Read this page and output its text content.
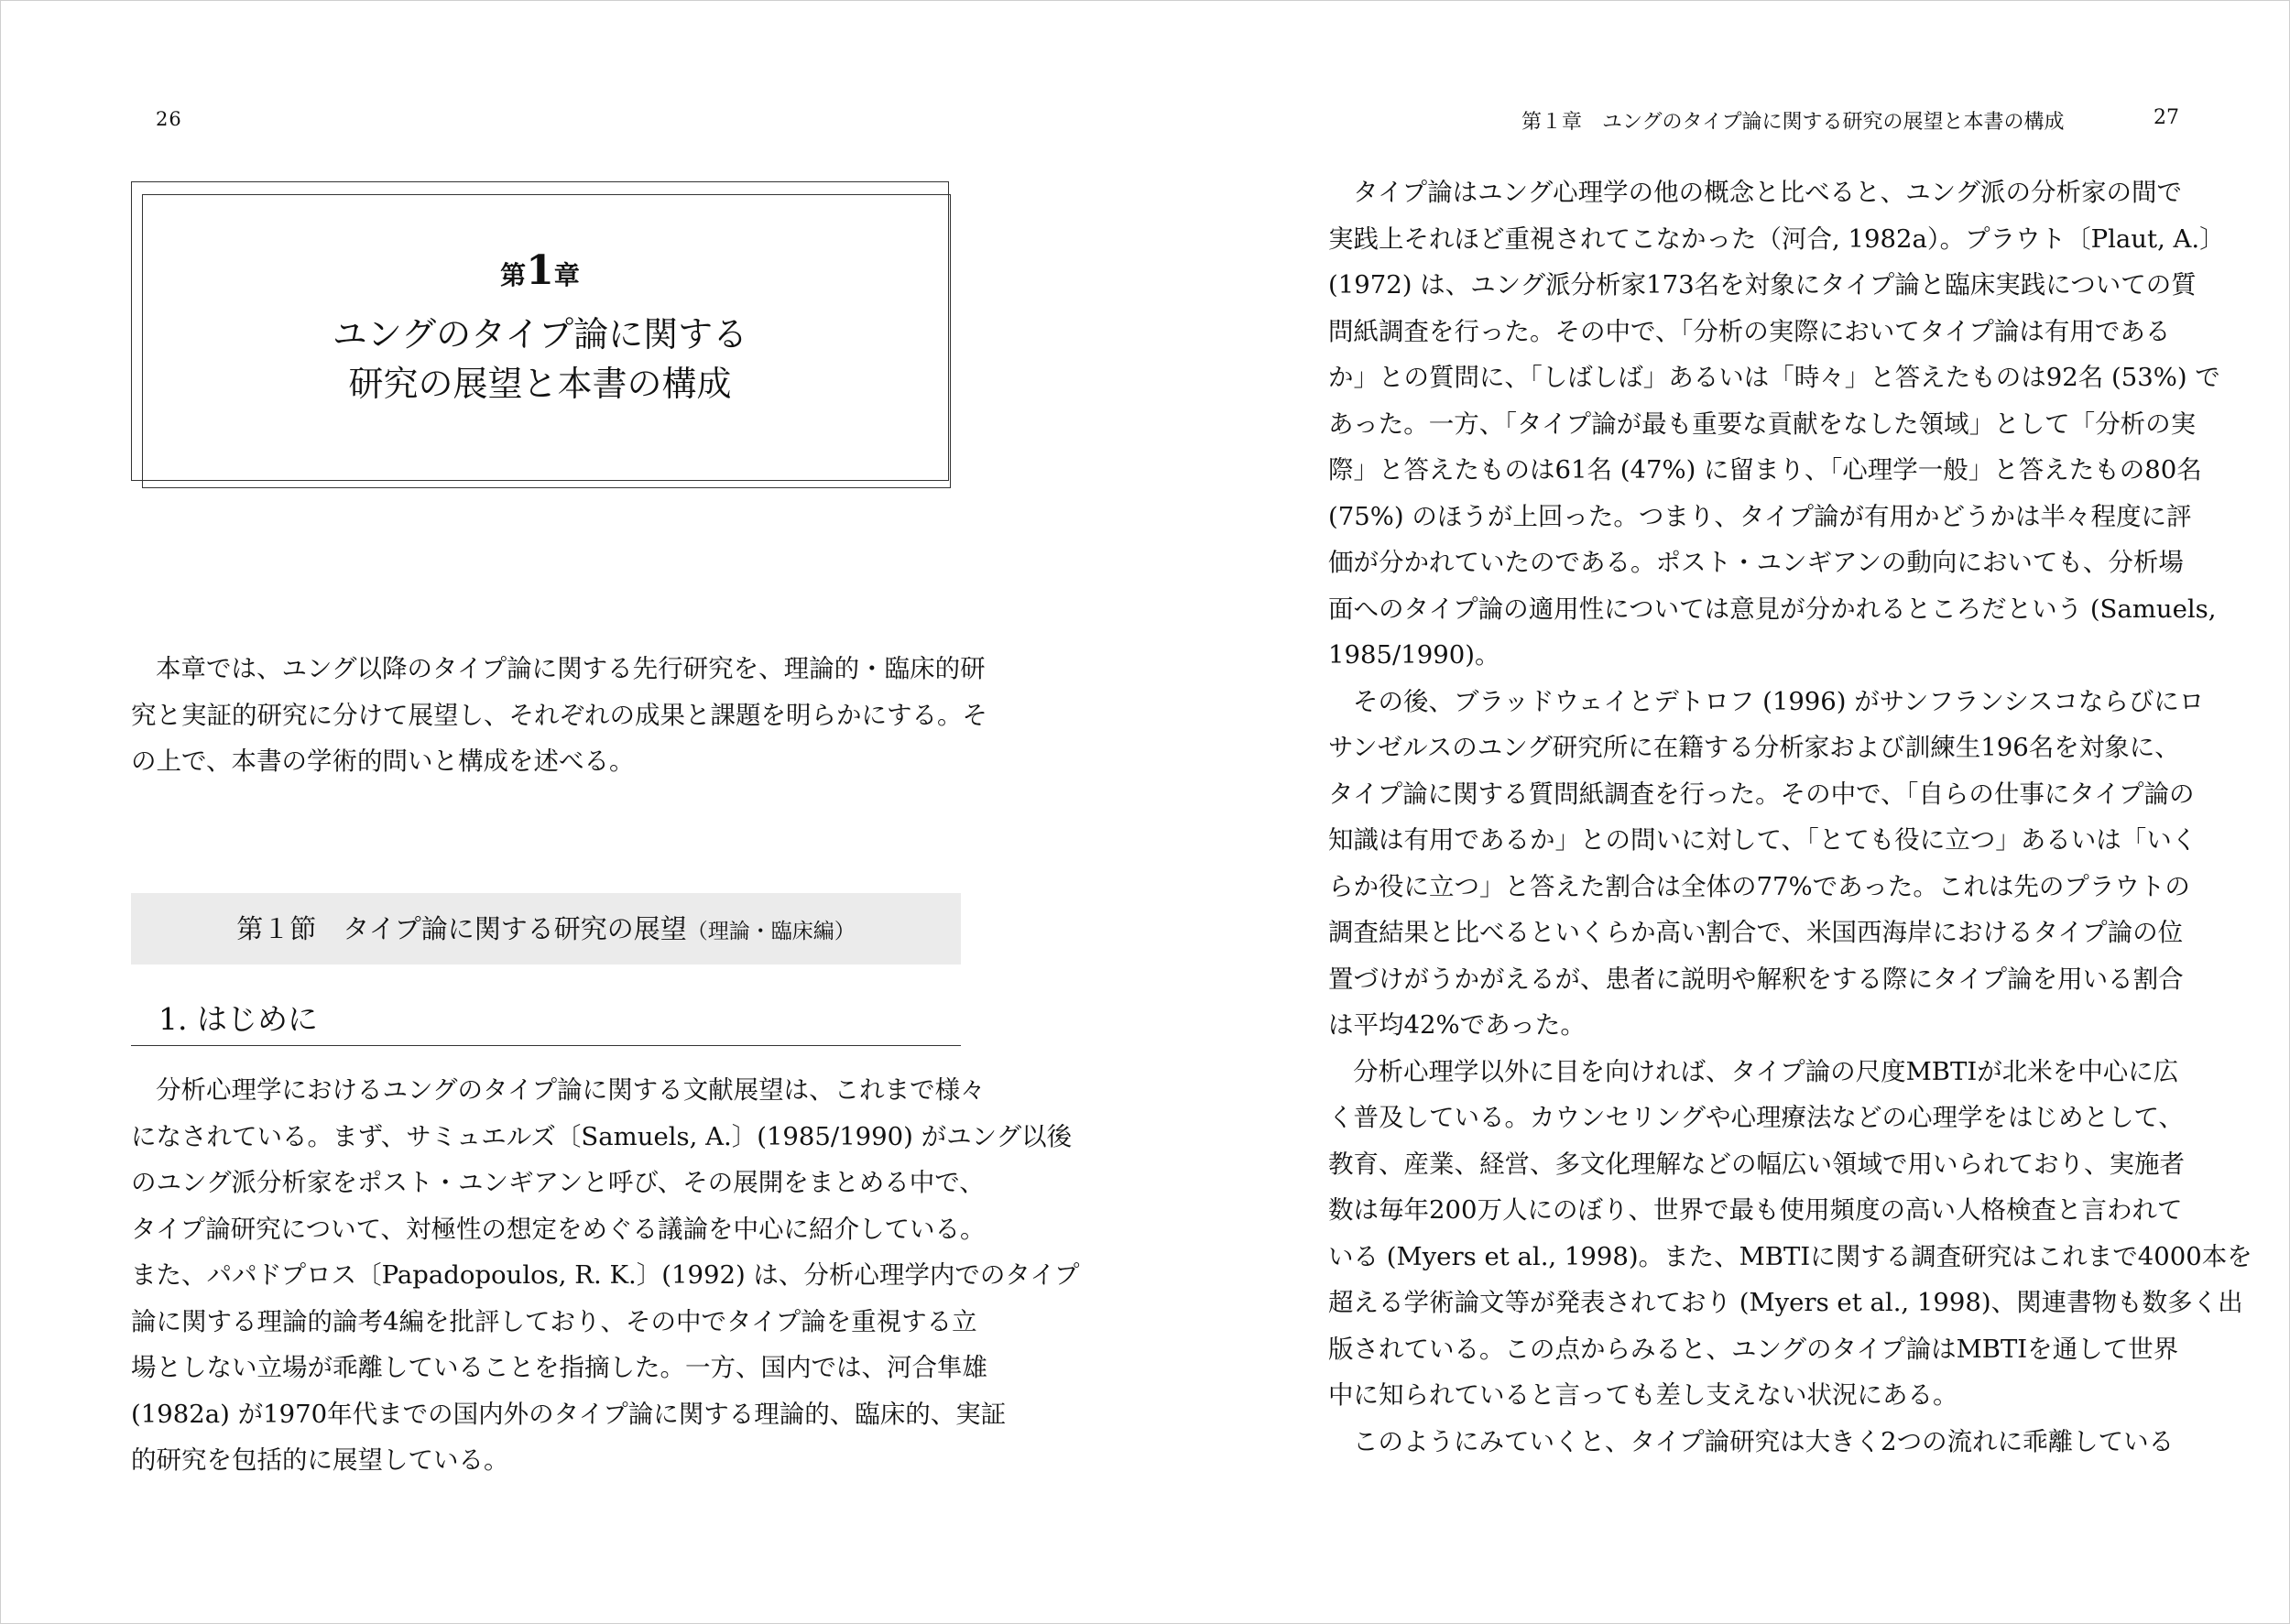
26
第1章
ユングのタイプ論に関する
研究の展望と本書の構成

本章では、ユング以降のタイプ論に関する先行研究を、理論的・臨床的研

究と実証的研究に分けて展望し、それぞれの成果と課題を明らかにする。そ

の上で、本書の学術的問いと構成を述べる。

第１節　タイプ論に関する研究の展望（理論・臨床編）
1. はじめに

分析心理学におけるユングのタイプ論に関する文献展望は、これまで様々

になされている。まず、サミュエルズ〔Samuels, A.〕(1985/1990) がユング以後

のユング派分析家をポスト・ユンギアンと呼び、その展開をまとめる中で、

タイプ論研究について、対極性の想定をめぐる議論を中心に紹介している。

また、パパドプロス〔Papadopoulos, R. K.〕(1992) は、分析心理学内でのタイプ

論に関する理論的論考4編を批評しており、その中でタイプ論を重視する立

場としない立場が乖離していることを指摘した。一方、国内では、河合隼雄

(1982a) が1970年代までの国内外のタイプ論に関する理論的、臨床的、実証

的研究を包括的に展望している。

第１章　ユングのタイプ論に関する研究の展望と本書の構成	27

タイプ論はユング心理学の他の概念と比べると、ユング派の分析家の間で

実践上それほど重視されてこなかった（河合, 1982a）。プラウト〔Plaut, A.〕

(1972) は、ユング派分析家173名を対象にタイプ論と臨床実践についての質

問紙調査を行った。その中で、「分析の実際においてタイプ論は有用である

か」との質問に、「しばしば」あるいは「時々」と答えたものは92名 (53%) で

あった。一方、「タイプ論が最も重要な貢献をなした領域」として「分析の実

際」と答えたものは61名 (47%) に留まり、「心理学一般」と答えたもの80名

(75%) のほうが上回った。つまり、タイプ論が有用かどうかは半々程度に評

価が分かれていたのである。ポスト・ユンギアンの動向においても、分析場

面へのタイプ論の適用性については意見が分かれるところだという (Samuels,

1985/1990)。

その後、ブラッドウェイとデトロフ (1996) がサンフランシスコならびにロ

サンゼルスのユング研究所に在籍する分析家および訓練生196名を対象に、

タイプ論に関する質問紙調査を行った。その中で、「自らの仕事にタイプ論の

知識は有用であるか」との問いに対して、「とても役に立つ」あるいは「いく

らか役に立つ」と答えた割合は全体の77%であった。これは先のプラウトの

調査結果と比べるといくらか高い割合で、米国西海岸におけるタイプ論の位

置づけがうかがえるが、患者に説明や解釈をする際にタイプ論を用いる割合

は平均42%であった。

分析心理学以外に目を向ければ、タイプ論の尺度MBTIが北米を中心に広

く普及している。カウンセリングや心理療法などの心理学をはじめとして、

教育、産業、経営、多文化理解などの幅広い領域で用いられており、実施者

数は毎年200万人にのぼり、世界で最も使用頻度の高い人格検査と言われて

いる (Myers et al., 1998)。また、MBTIに関する調査研究はこれまで4000本を

超える学術論文等が発表されており (Myers et al., 1998)、関連書物も数多く出

版されている。この点からみると、ユングのタイプ論はMBTIを通して世界

中に知られていると言っても差し支えない状況にある。

このようにみていくと、タイプ論研究は大きく2つの流れに乖離している
